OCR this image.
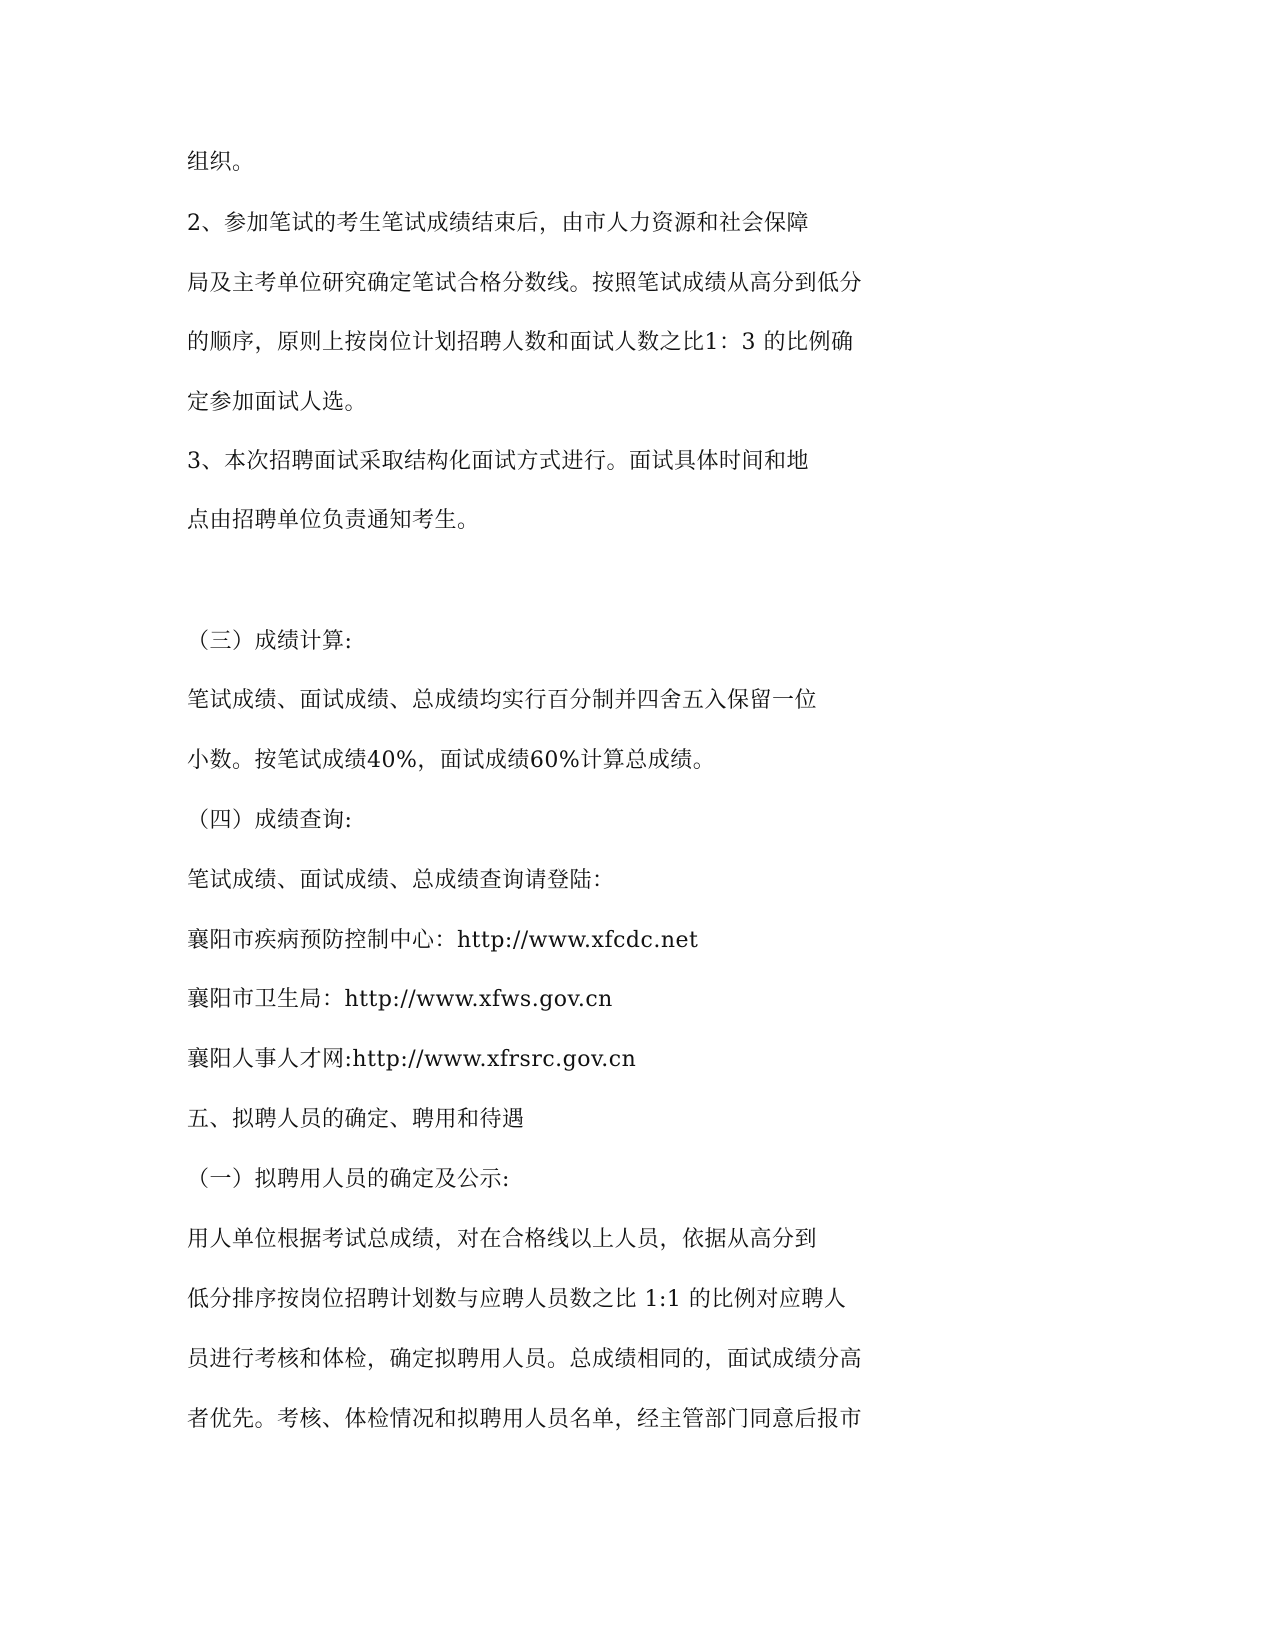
组织。
2、参加笔试的考生笔试成绩结束后，由市人力资源和社会保障
局及主考单位研究确定笔试合格分数线。按照笔试成绩从高分到低分
的顺序，原则上按岗位计划招聘人数和面试人数之比1：3 的比例确
定参加面试人选。
3、本次招聘面试采取结构化面试方式进行。面试具体时间和地
点由招聘单位负责通知考生。
（三）成绩计算:
笔试成绩、面试成绩、总成绩均实行百分制并四舍五入保留一位
小数。按笔试成绩40%，面试成绩60%计算总成绩。
（四）成绩查询:
笔试成绩、面试成绩、总成绩查询请登陆：
襄阳市疾病预防控制中心：http://www.xfcdc.net
襄阳市卫生局：http://www.xfws.gov.cn
襄阳人事人才网:http://www.xfrsrc.gov.cn
五、拟聘人员的确定、聘用和待遇
（一）拟聘用人员的确定及公示:
用人单位根据考试总成绩，对在合格线以上人员，依据从高分到
低分排序按岗位招聘计划数与应聘人员数之比 1:1 的比例对应聘人
员进行考核和体检，确定拟聘用人员。总成绩相同的，面试成绩分高
者优先。考核、体检情况和拟聘用人员名单，经主管部门同意后报市
